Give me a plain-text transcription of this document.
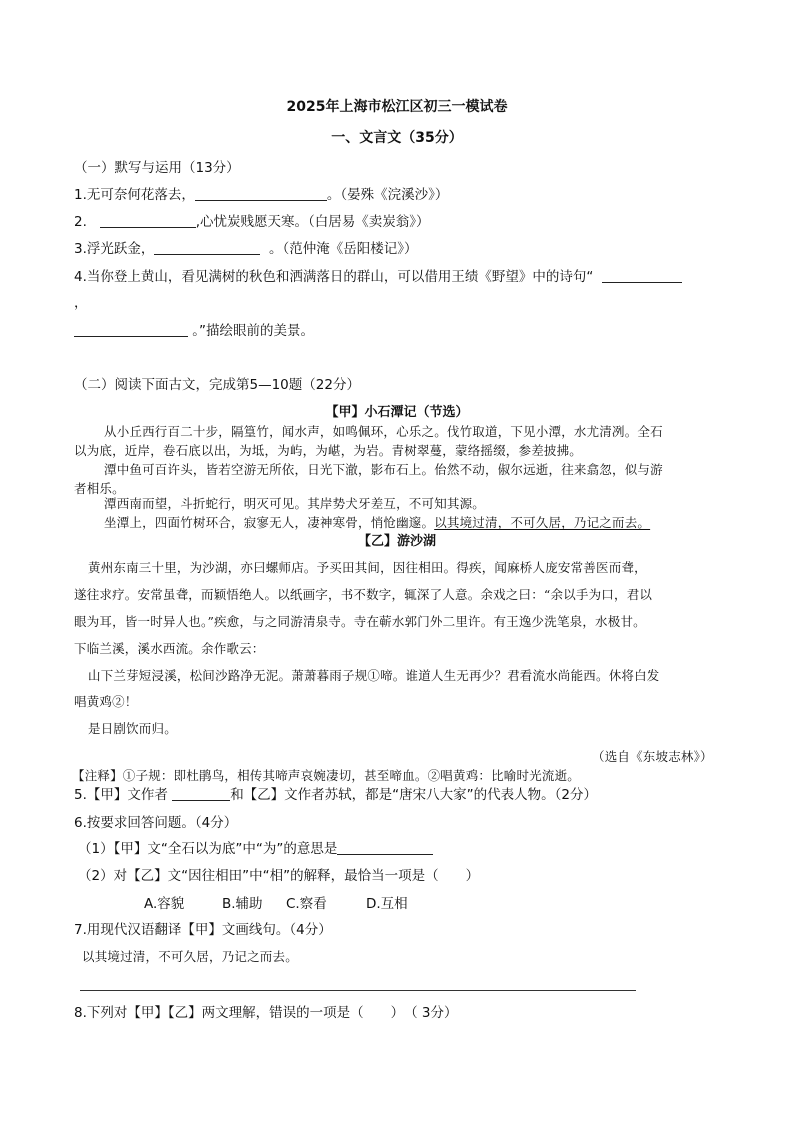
2025年上海市松江区初三一模试卷
一、文言文（35分）
（一）默写与运用（13分）
1.无可奈何花落去，	。（晏殊《浣溪沙》）
2.	,心忧炭贱愿天寒。（白居易《卖炭翁》）
3.浮光跃金，	。（范仲淹《岳阳楼记》）
4.当你登上黄山，看见满树的秋色和洒满落日的群山，可以借用王绩《野望》中的诗句“
，
。”描绘眼前的美景。
（二）阅读下面古文，完成第5—10题（22分）
【甲】小石潭记（节选）
从小丘西行百二十步，隔篁竹，闻水声，如鸣佩环，心乐之。伐竹取道，下见小潭，水尤清冽。全石
以为底，近岸，卷石底以出，为坻，为屿，为嵁，为岩。青树翠蔓，蒙络摇缀，参差披拂。
潭中鱼可百许头，皆若空游无所依，日光下澈，影布石上。佁然不动，俶尔远逝，往来翕忽，似与游
者相乐。
潭西南而望，斗折蛇行，明灭可见。其岸势犬牙差互，不可知其源。
坐潭上，四面竹树环合，寂寥无人，凄神寒骨，悄怆幽邃。以其境过清，不可久居，乃记之而去。
【乙】游沙湖
黄州东南三十里，为沙湖，亦曰螺师店。予买田其间，因往相田。得疾，闻麻桥人庞安常善医而聋，
遂往求疗。安常虽聋，而颖悟绝人。以纸画字，书不数字，辄深了人意。余戏之曰：“余以手为口，君以
眼为耳，皆一时异人也。”疾愈，与之同游清泉寺。寺在蕲水郭门外二里许。有王逸少洗笔泉，水极甘。
下临兰溪，溪水西流。余作歌云：
山下兰芽短浸溪，松间沙路净无泥。萧萧暮雨子规①啼。谁道人生无再少？君看流水尚能西。休将白发
唱黄鸡②！
是日剧饮而归。
（选自《东坡志林》）
【注释】①子规：即杜鹃鸟，相传其啼声哀婉凄切，甚至啼血。②唱黄鸡：比喻时光流逝。
5.【甲】文作者	和【乙】文作者苏轼，都是“唐宋八大家”的代表人物。（2分）
6.按要求回答问题。（4分）
（1）【甲】文“全石以为底”中“为”的意思是
（2）对【乙】文“因往相田”中“相”的解释，最恰当一项是（　　）
A.容貌	B.辅助 C.察看	D.互相
7.用现代汉语翻译【甲】文画线句。（4分）
以其境过清，不可久居，乃记之而去。
8.下列对【甲】【乙】两文理解，错误的一项是（　　）　（ 3分）
